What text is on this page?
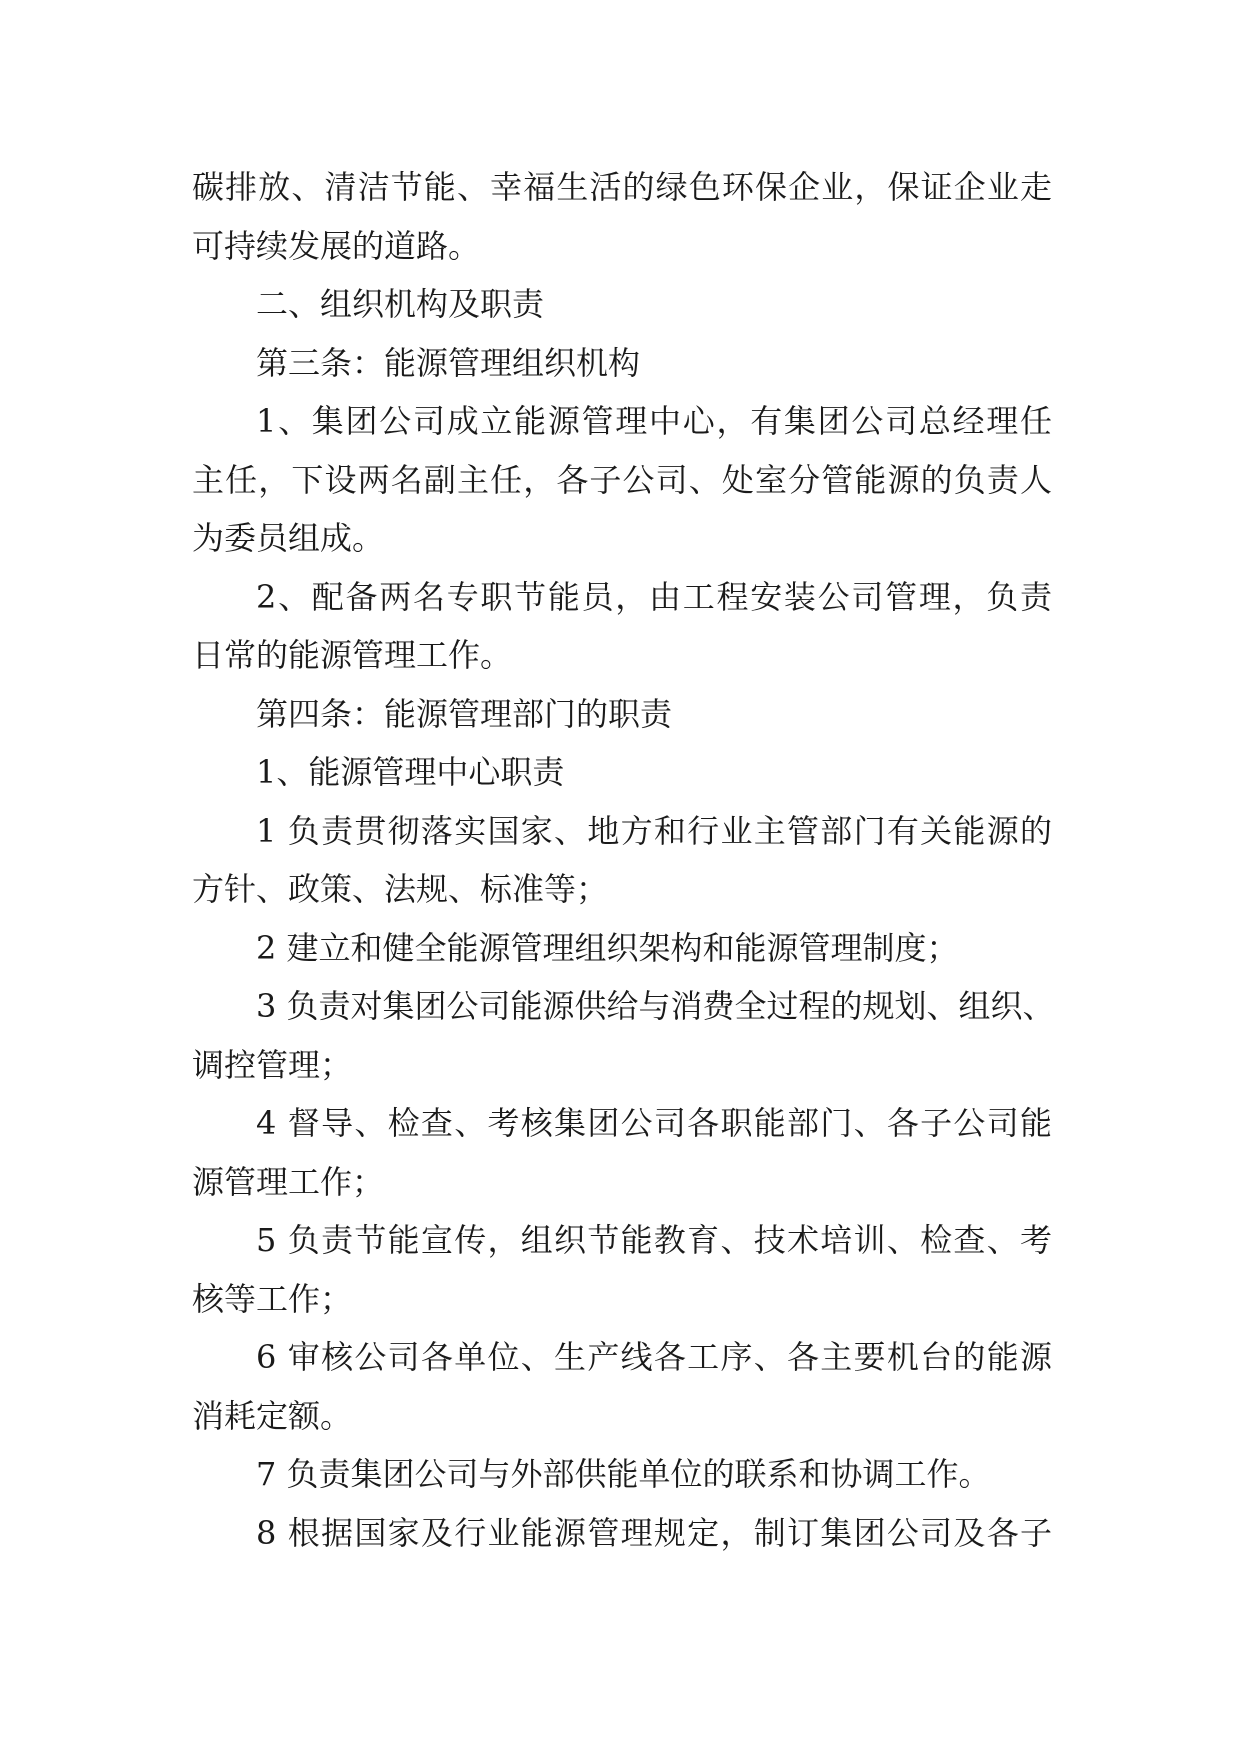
碳排放、清洁节能、幸福生活的绿色环保企业，保证企业走
可持续发展的道路。
二、组织机构及职责
第三条：能源管理组织机构
1、集团公司成立能源管理中心，有集团公司总经理任
主任，下设两名副主任，各子公司、处室分管能源的负责人
为委员组成。
2、配备两名专职节能员，由工程安装公司管理，负责
日常的能源管理工作。
第四条：能源管理部门的职责
1、能源管理中心职责
1 负责贯彻落实国家、地方和行业主管部门有关能源的
方针、政策、法规、标准等；
2 建立和健全能源管理组织架构和能源管理制度；
3 负责对集团公司能源供给与消费全过程的规划、组织、
调控管理；
4 督导、检查、考核集团公司各职能部门、各子公司能
源管理工作；
5 负责节能宣传，组织节能教育、技术培训、检查、考
核等工作；
6 审核公司各单位、生产线各工序、各主要机台的能源
消耗定额。
7 负责集团公司与外部供能单位的联系和协调工作。
8 根据国家及行业能源管理规定，制订集团公司及各子
